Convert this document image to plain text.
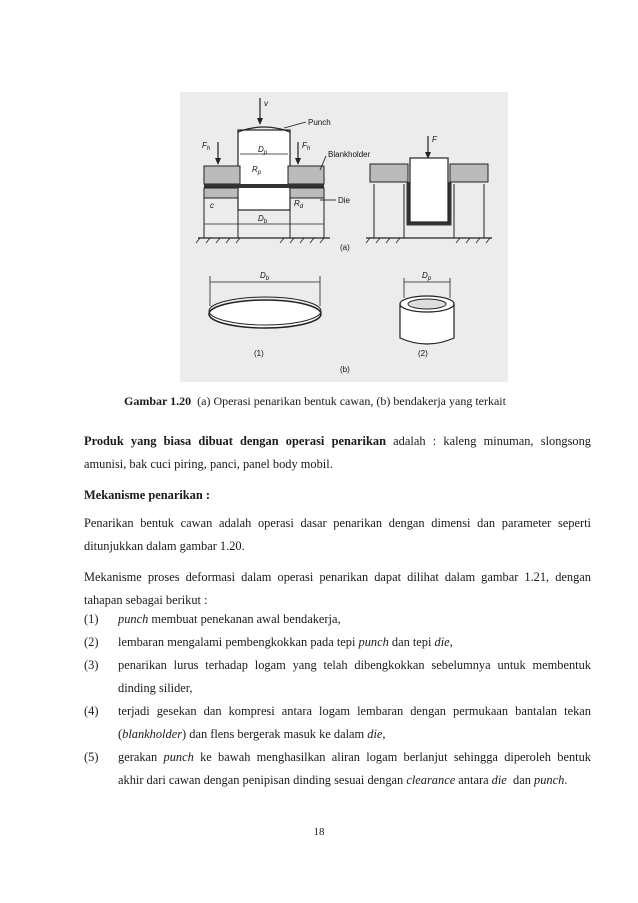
v
Punch
$F_h$	$F_h$
$D_p$
$R_p$
Blankholder
c	$R_d$
Die
$D_b$
F
(a)
$D_b$
(1)
$D_p$
(2)
(b)
Gambar 1.20 (a) Operasi penarikan bentuk cawan, (b) bendakerja yang terkait
Produk yang biasa dibuat dengan operasi penarikan adalah : kaleng minuman, slongsong
amunisi, bak cuci piring, panci, panel body mobil.
Mekanisme penarikan :
Penarikan bentuk cawan adalah operasi dasar penarikan dengan dimensi dan parameter seperti
ditunjukkan dalam gambar 1.20.
Mekanisme proses deformasi dalam operasi penarikan dapat dilihat dalam gambar 1.21, dengan
tahapan sebagai berikut :
(1) punch membuat penekanan awal bendakerja,
(2) lembaran mengalami pembengkokkan pada tepi punch dan tepi die,
(3) penarikan lurus terhadap logam yang telah dibengkokkan sebelumnya untuk membentuk
dinding silider,
(4) terjadi gesekan dan kompresi antara logam lembaran dengan permukaan bantalan tekan
(blankholder) dan flens bergerak masuk ke dalam die,
(5) gerakan punch ke bawah menghasilkan aliran logam berlanjut sehingga diperoleh bentuk
akhir dari cawan dengan penipisan dinding sesuai dengan clearance antara die  dan punch.
18
